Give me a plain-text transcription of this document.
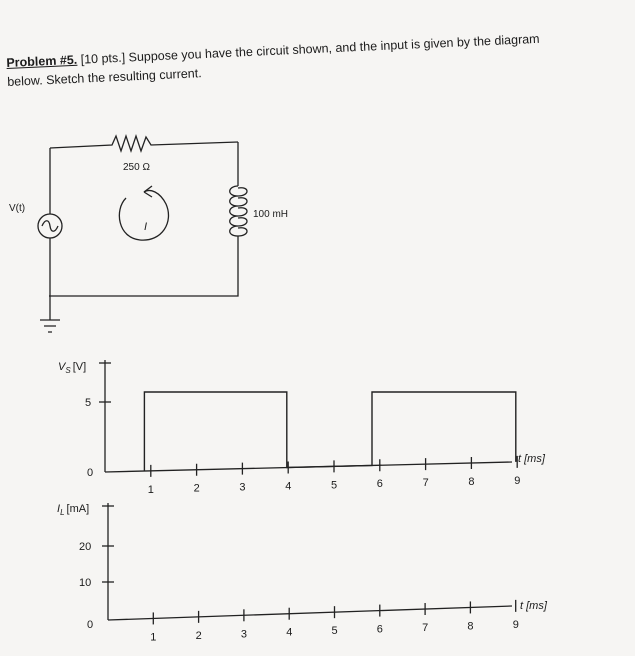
Problem #5. [10 pts.] Suppose you have the circuit shown, and the input is given by the diagram
below. Sketch the resulting current.
250 Ω
100 mH
V(t)
I
1	2	3	4	5	6	7	8	9
$V_S$ [V]
5
0
t [ms]
1	2	3	4	5	6	7	8	9
$I_L$ [mA]
20
10
0
t [ms]
